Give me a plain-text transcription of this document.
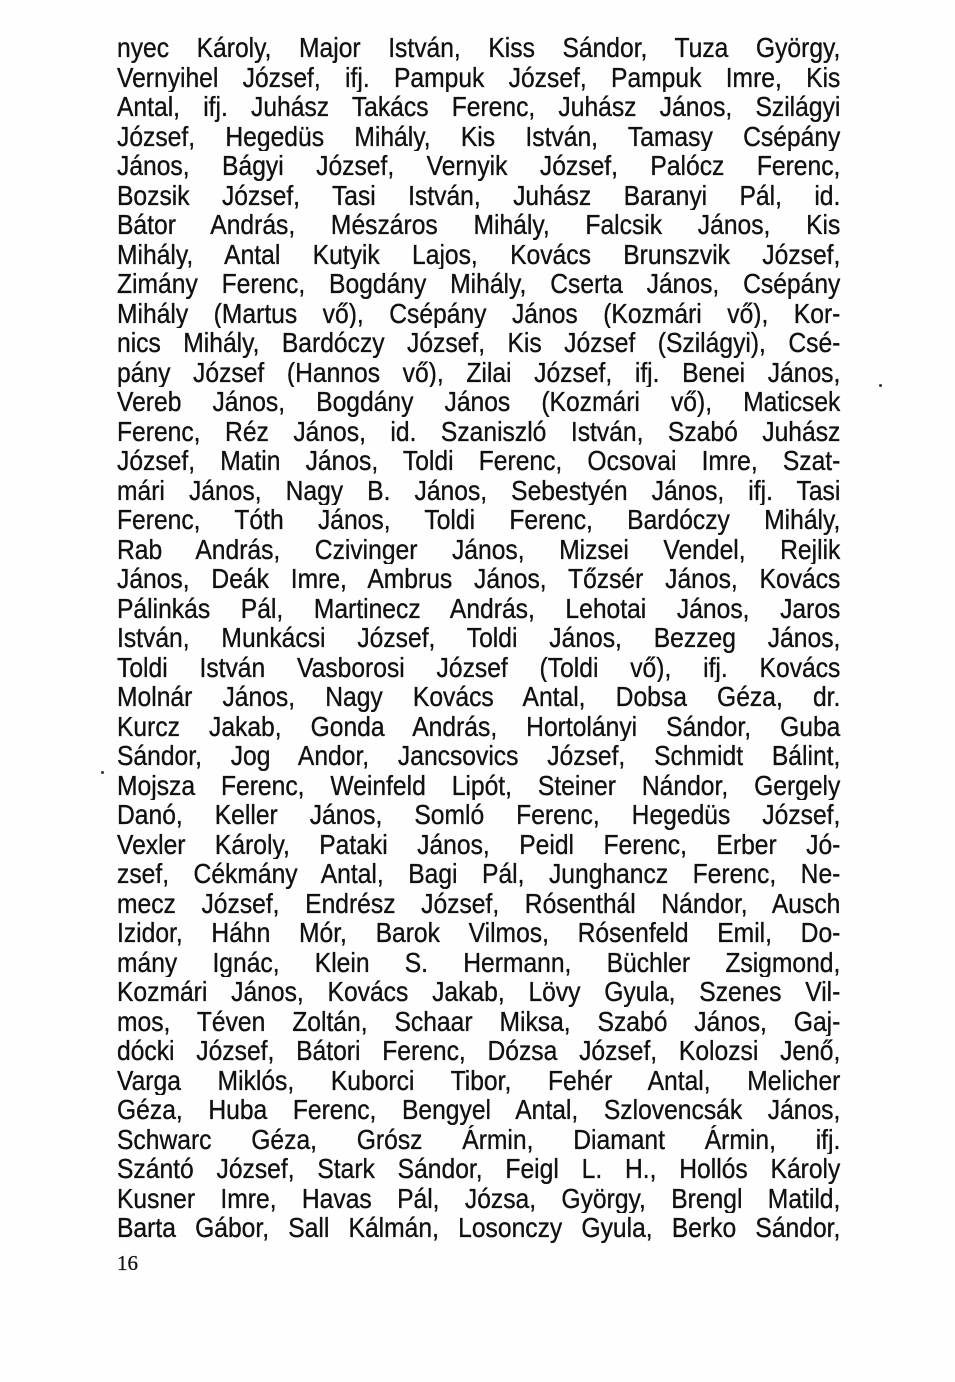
nyec Károly, Major István, Kiss Sándor, Tuza György,
Vernyihel József, ifj. Pampuk József, Pampuk Imre, Kis
Antal, ifj. Juhász Takács Ferenc, Juhász János, Szilágyi
József, Hegedüs Mihály, Kis István, Tamasy Csépány
János, Bágyi József, Vernyik József, Palócz Ferenc,
Bozsik József, Tasi István, Juhász Baranyi Pál, id.
Bátor András, Mészáros Mihály, Falcsik János, Kis
Mihály, Antal Kutyik Lajos, Kovács Brunszvik József,
Zimány Ferenc, Bogdány Mihály, Cserta János, Csépány
Mihály (Martus vő), Csépány János (Kozmári vő), Kor-
nics Mihály, Bardóczy József, Kis József (Szilágyi), Csé-
pány József (Hannos vő), Zilai József, ifj. Benei János,
Vereb János, Bogdány János (Kozmári vő), Maticsek
Ferenc, Réz János, id. Szaniszló István, Szabó Juhász
József, Matin János, Toldi Ferenc, Ocsovai Imre, Szat-
mári János, Nagy B. János, Sebestyén János, ifj. Tasi
Ferenc, Tóth János, Toldi Ferenc, Bardóczy Mihály,
Rab András, Czivinger János, Mizsei Vendel, Rejlik
János, Deák Imre, Ambrus János, Tőzsér János, Kovács
Pálinkás Pál, Martinecz András, Lehotai János, Jaros
István, Munkácsi József, Toldi János, Bezzeg János,
Toldi István Vasborosi József (Toldi vő), ifj. Kovács
Molnár János, Nagy Kovács Antal, Dobsa Géza, dr.
Kurcz Jakab, Gonda András, Hortolányi Sándor, Guba
Sándor, Jog Andor, Jancsovics József, Schmidt Bálint,
Mojsza Ferenc, Weinfeld Lipót, Steiner Nándor, Gergely
Danó, Keller János, Somló Ferenc, Hegedüs József,
Vexler Károly, Pataki János, Peidl Ferenc, Erber Jó-
zsef, Cékmány Antal, Bagi Pál, Junghancz Ferenc, Ne-
mecz József, Endrész József, Rósenthál Nándor, Ausch
Izidor, Háhn Mór, Barok Vilmos, Rósenfeld Emil, Do-
mány Ignác, Klein S. Hermann, Büchler Zsigmond,
Kozmári János, Kovács Jakab, Lövy Gyula, Szenes Vil-
mos, Téven Zoltán, Schaar Miksa, Szabó János, Gaj-
dócki József, Bátori Ferenc, Dózsa József, Kolozsi Jenő,
Varga Miklós, Kuborci Tibor, Fehér Antal, Melicher
Géza, Huba Ferenc, Bengyel Antal, Szlovencsák János,
Schwarc Géza, Grósz Ármin, Diamant Ármin, ifj.
Szántó József, Stark Sándor, Feigl L. H., Hollós Károly
Kusner Imre, Havas Pál, Józsa, György, Brengl Matild,
Barta Gábor, Sall Kálmán, Losonczy Gyula, Berko Sándor,
16
